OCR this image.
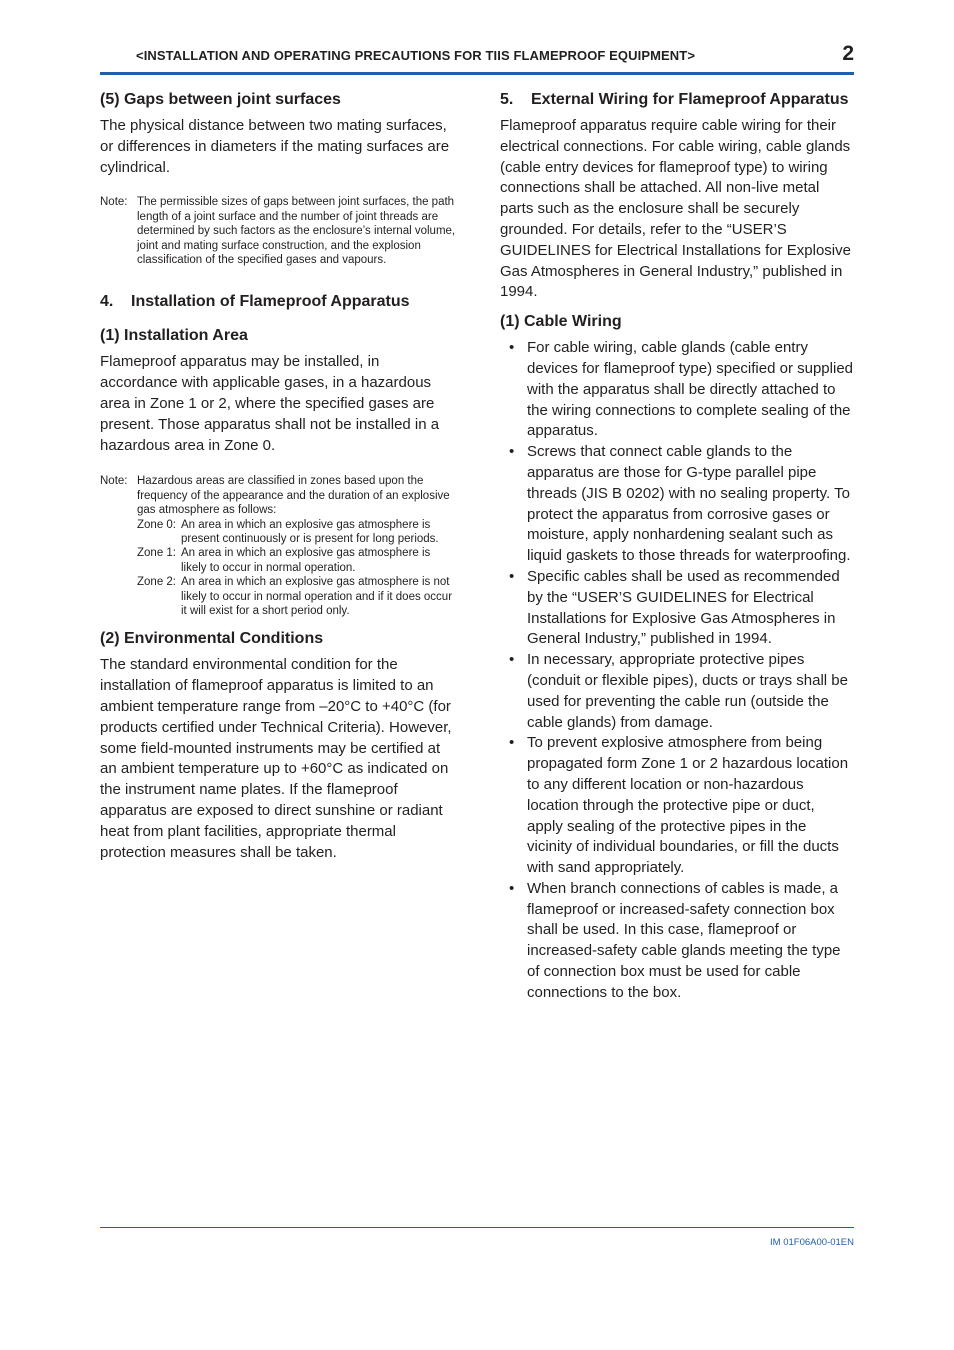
<INSTALLATION AND OPERATING PRECAUTIONS FOR TIIS FLAMEPROOF EQUIPMENT>	2
(5) Gaps between joint surfaces

The physical distance between two mating surfaces, or differences in diameters if the mating surfaces are cylindrical.

Note: The permissible sizes of gaps between joint surfaces, the path length of a joint surface and the number of joint threads are determined by such factors as the enclosure’s internal volume, joint and mating surface construction, and the explosion classification of the specified gases and vapours.
4.	Installation of Flameproof Apparatus
(1) Installation Area

Flameproof apparatus may be installed, in accordance with applicable gases, in a hazardous area in Zone 1 or 2, where the specified gases are present. Those apparatus shall not be installed in a hazardous area in Zone 0.

Note: Hazardous areas are classified in zones based upon the frequency of the appearance and the duration of an explosive gas atmosphere as follows:
Zone 0: An area in which an explosive gas atmosphere is present continuously or is present for long periods.
Zone 1: An area in which an explosive gas atmosphere is likely to occur in normal operation.
Zone 2: An area in which an explosive gas atmosphere is not likely to occur in normal operation and if it does occur it will exist for a short period only.
(2) Environmental Conditions

The standard environmental condition for the installation of flameproof apparatus is limited to an ambient temperature range from –20°C to +40°C (for products certified under Technical Criteria). However, some field-mounted instruments may be certified at an ambient temperature up to +60°C as indicated on the instrument name plates. If the flameproof apparatus are exposed to direct sunshine or radiant heat from plant facilities, appropriate thermal protection measures shall be taken.

5.	External Wiring for Flameproof Apparatus

Flameproof apparatus require cable wiring for their electrical connections. For cable wiring, cable glands (cable entry devices for flameproof type) to wiring connections shall be attached. All non-live metal parts such as the enclosure shall be securely grounded. For details, refer to the “USER’S GUIDELINES for Electrical Installations for Explosive Gas Atmospheres in General Industry,” published in 1994.

(1) Cable Wiring
• For cable wiring, cable glands (cable entry devices for flameproof type) specified or supplied with the apparatus shall be directly attached to the wiring connections to complete sealing of the apparatus.
• Screws that connect cable glands to the apparatus are those for G-type parallel pipe threads (JIS B 0202) with no sealing property. To protect the apparatus from corrosive gases or moisture, apply nonhardening sealant such as liquid gaskets to those threads for waterproofing.
• Specific cables shall be used as recommended by the “USER’S GUIDELINES for Electrical Installations for Explosive Gas Atmospheres in General Industry,” published in 1994.
• In necessary, appropriate protective pipes (conduit or flexible pipes), ducts or trays shall be used for preventing the cable run (outside the cable glands) from damage.
• To prevent explosive atmosphere from being propagated form Zone 1 or 2 hazardous location to any different location or non-hazardous location through the protective pipe or duct, apply sealing of the protective pipes in the vicinity of individual boundaries, or fill the ducts with sand appropriately.
• When branch connections of cables is made, a flameproof or increased-safety connection box shall be used. In this case, flameproof or increased-safety cable glands meeting the type of connection box must be used for cable connections to the box.
IM 01F06A00-01EN
